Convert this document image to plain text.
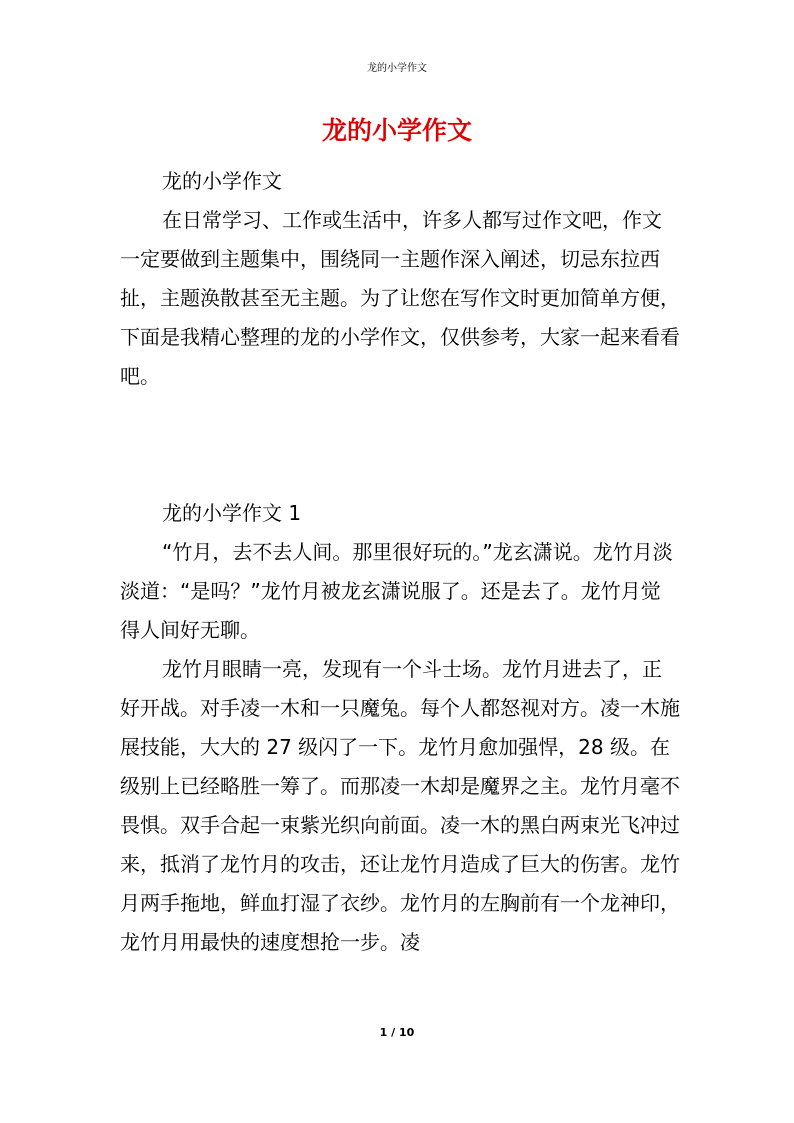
龙的小学作文
龙的小学作文

龙的小学作文

在日常学习、工作或生活中，许多人都写过作文吧，作文一定要做到主题集中，围绕同一主题作深入阐述，切忌东拉西扯，主题涣散甚至无主题。为了让您在写作文时更加简单方便，下面是我精心整理的龙的小学作文，仅供参考，大家一起来看看吧。

龙的小学作文 1

“竹月，去不去人间。那里很好玩的。”龙玄潇说。龙竹月淡淡道：“是吗？”龙竹月被龙玄潇说服了。还是去了。龙竹月觉得人间好无聊。

龙竹月眼睛一亮，发现有一个斗士场。龙竹月进去了，正好开战。对手凌一木和一只魔兔。每个人都怒视对方。凌一木施展技能，大大的 27 级闪了一下。龙竹月愈加强悍，28 级。在级别上已经略胜一筹了。而那凌一木却是魔界之主。龙竹月毫不畏惧。双手合起一束紫光织向前面。凌一木的黑白两束光飞冲过来，抵消了龙竹月的攻击，还让龙竹月造成了巨大的伤害。龙竹月两手拖地，鲜血打湿了衣纱。龙竹月的左胸前有一个龙神印，龙竹月用最快的速度想抢一步。凌

1 / 10
